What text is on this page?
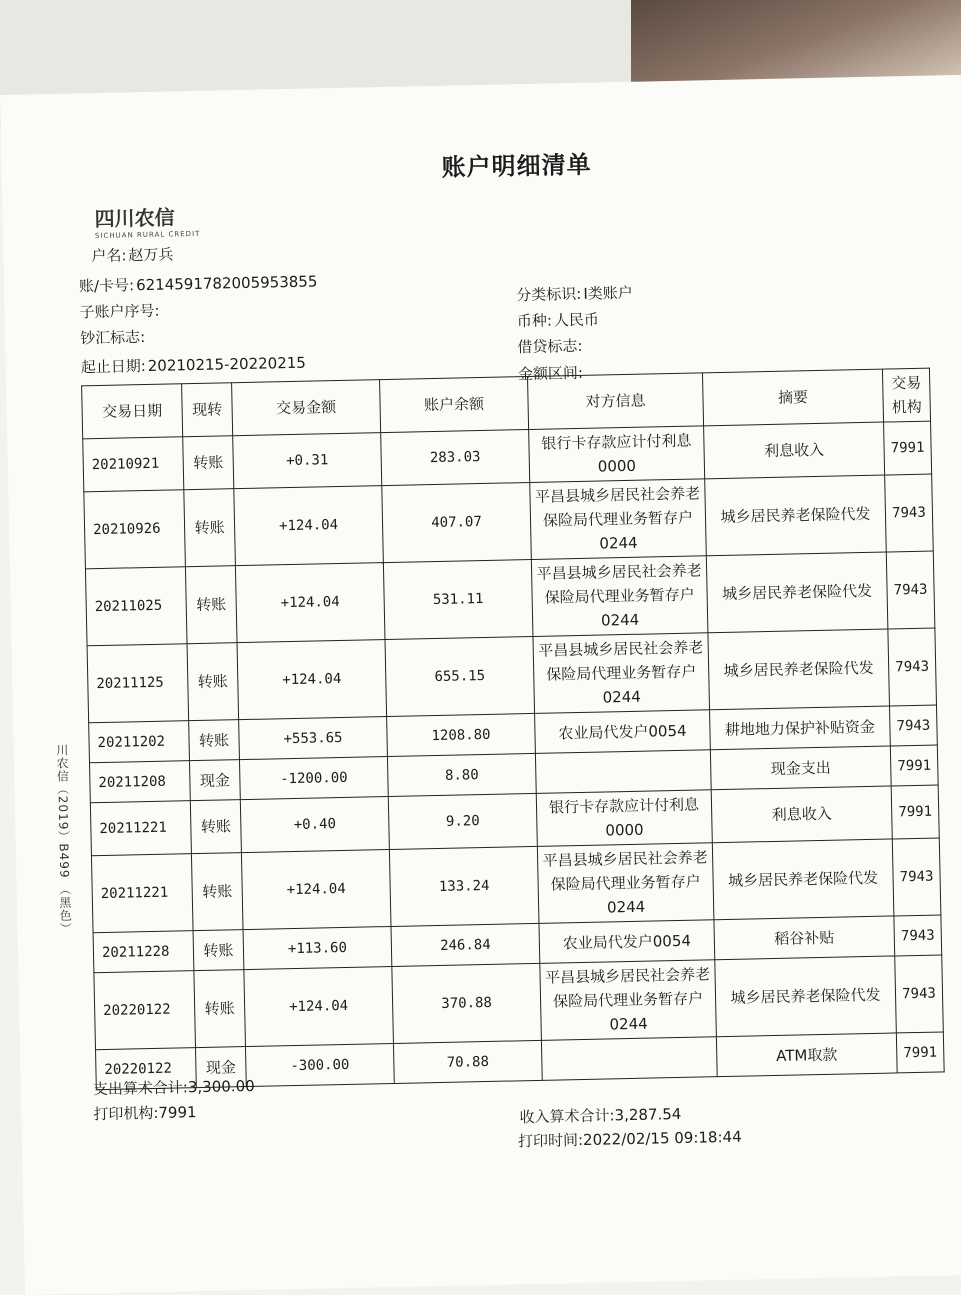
账户明细清单
四川农信
SICHUAN RURAL CREDIT
户名: 赵万兵
账/卡号: 6214591782005953855
子账户序号:
钞汇标志:
起止日期: 20210215-20220215
分类标识: I类账户
币种: 人民币
借贷标志:
金额区间:
交易日期	现转	交易金额	账户余额	对方信息	摘要	交易机构
20210921	转账	+0.31	283.03	银行卡存款应计付利息0000	利息收入	7991
20210926	转账	+124.04	407.07	平昌县城乡居民社会养老保险局代理业务暂存户0244	城乡居民养老保险代发	7943
20211025	转账	+124.04	531.11	平昌县城乡居民社会养老保险局代理业务暂存户0244	城乡居民养老保险代发	7943
20211125	转账	+124.04	655.15	平昌县城乡居民社会养老保险局代理业务暂存户0244	城乡居民养老保险代发	7943
20211202	转账	+553.65	1208.80	农业局代发户0054	耕地地力保护补贴资金	7943
20211208	现金	-1200.00	8.80		现金支出	7991
20211221	转账	+0.40	9.20	银行卡存款应计付利息0000	利息收入	7991
20211221	转账	+124.04	133.24	平昌县城乡居民社会养老保险局代理业务暂存户0244	城乡居民养老保险代发	7943
20211228	转账	+113.60	246.84	农业局代发户0054	稻谷补贴	7943
20220122	转账	+124.04	370.88	平昌县城乡居民社会养老保险局代理业务暂存户0244	城乡居民养老保险代发	7943
20220122	现金	-300.00	70.88		ATM取款	7991
川农信（2019）B499 （黑色）
支出算术合计:3,300.00
打印机构:7991	收入算术合计:3,287.54
打印时间:2022/02/15 09:18:44
